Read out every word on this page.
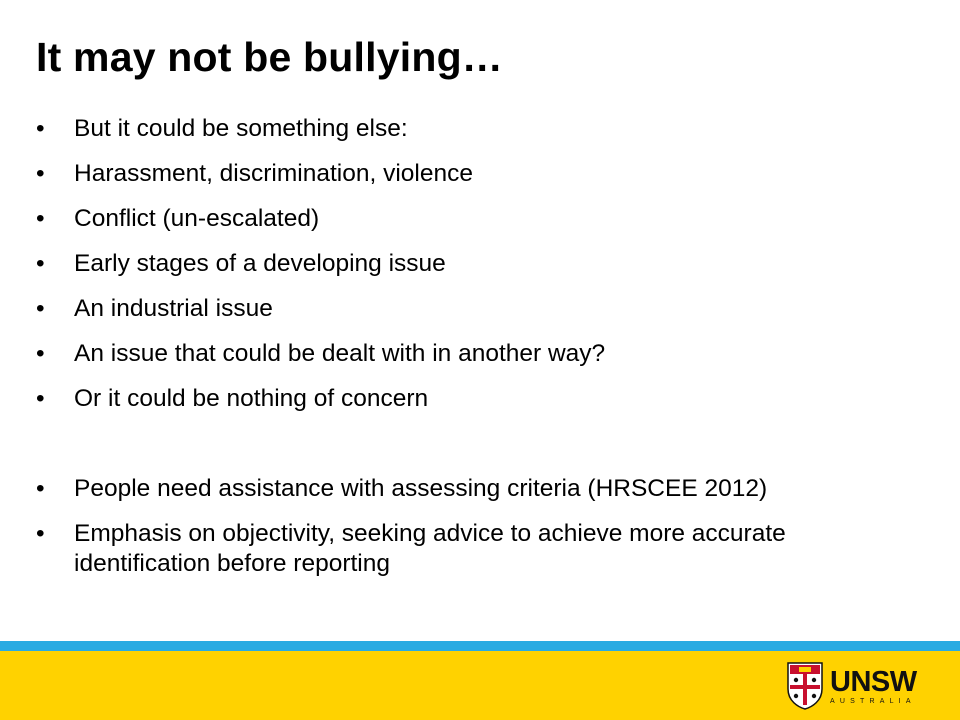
It may not be bullying…
• But it could be something else:
• Harassment, discrimination, violence
• Conflict (un-escalated)
• Early stages of a developing issue
• An industrial issue
• An issue that could be dealt with in another way?
• Or it could be nothing of concern
• People need assistance with assessing criteria (HRSCEE 2012)
• Emphasis on objectivity, seeking advice to achieve more accurate identification before reporting
UNSW
AUSTRALIA
